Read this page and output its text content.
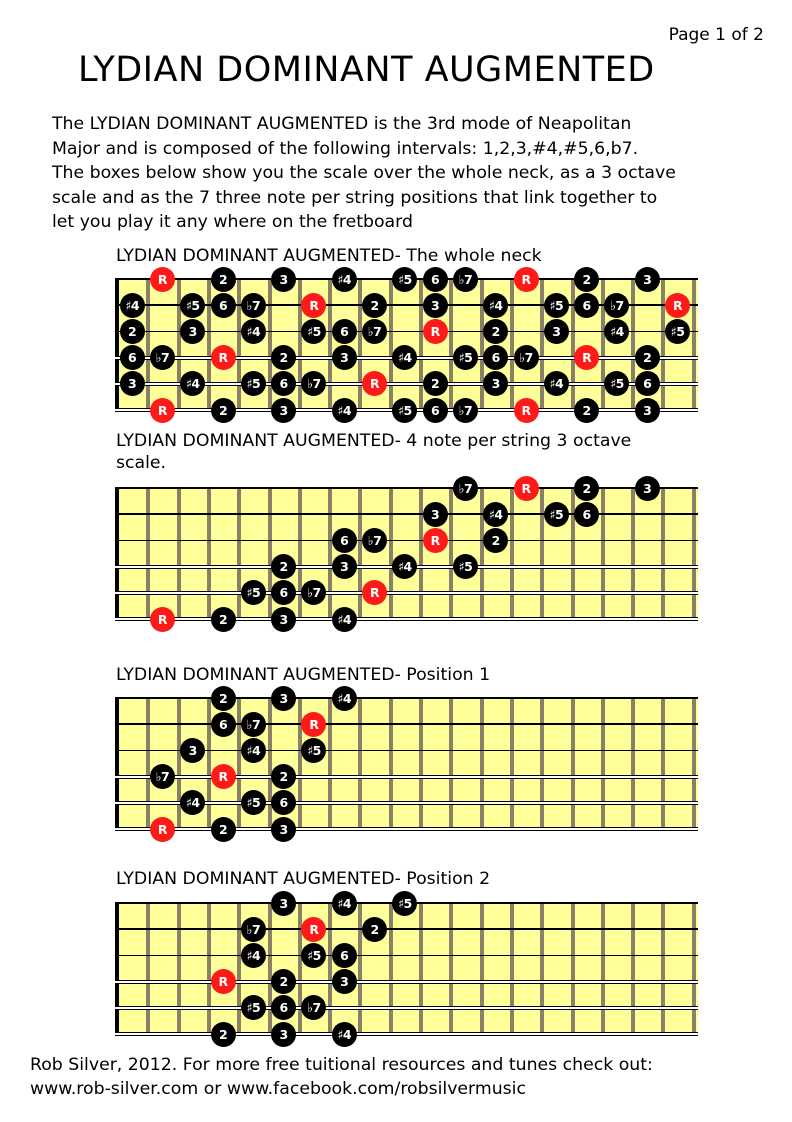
Page 1 of 2
LYDIAN DOMINANT AUGMENTED
The LYDIAN DOMINANT AUGMENTED is the 3rd mode of Neapolitan
Major and is composed of the following intervals: 1,2,3,#4,#5,6,b7.
The boxes below show you the scale over the whole neck, as a 3 octave
scale and as the 7 three note per string positions that link together to
let you play it any where on the fretboard
LYDIAN DOMINANT AUGMENTED- The whole neck
R	2	3	♯4	♯5	6	♭7	R	2	3
♯4	♯5	6	♭7	R	2	3	♯4	♯5	6	♭7	R
2	3	♯4	♯5	6	♭7	R	2	3	♯4	♯5
6	♭7	R	2	3	♯4	♯5	6	♭7	R	2
3	♯4	♯5	6	♭7	R	2	3	♯4	♯5	6
R	2	3	♯4	♯5	6	♭7	R	2	3
LYDIAN DOMINANT AUGMENTED- 4 note per string 3 octave
scale.
♭7	R	2	3
3	♯4	♯5	6
6	♭7	R	2
2	3	♯4	♯5
♯5	6	♭7	R
R	2	3	♯4
LYDIAN DOMINANT AUGMENTED- Position 1
2	3	♯4
6	♭7	R
3	♯4	♯5
♭7	R	2
♯4	♯5	6
R	2	3
LYDIAN DOMINANT AUGMENTED- Position 2
3	♯4	♯5
♭7	R	2
♯4	♯5	6
R	2	3
♯5	6	♭7
2	3	♯4
Rob Silver, 2012. For more free tuitional resources and tunes check out:
www.rob-silver.com or www.facebook.com/robsilvermusic
